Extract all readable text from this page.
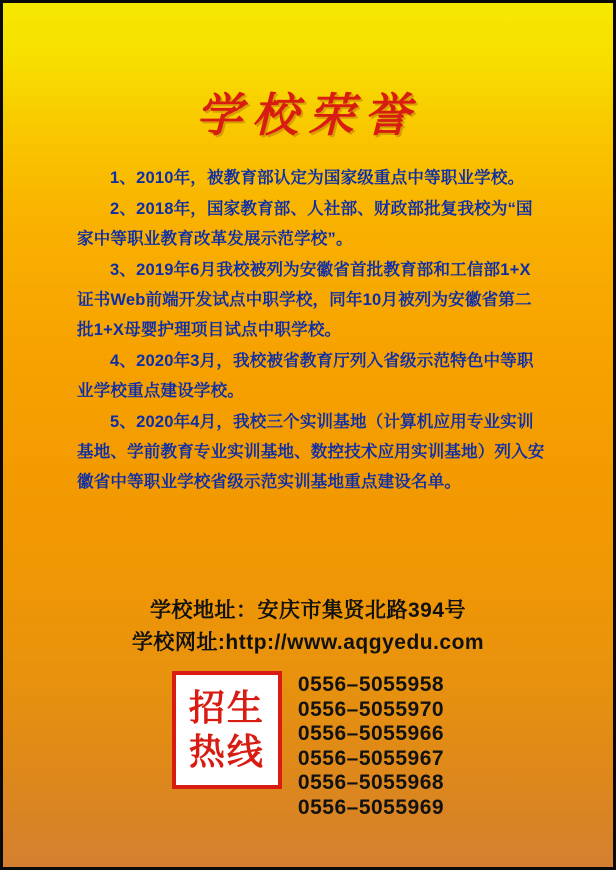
学校荣誉

1、2010年，被教育部认定为国家级重点中等职业学校。

2、2018年，国家教育部、人社部、财政部批复我校为“国家中等职业教育改革发展示范学校”。

3、2019年6月我校被列为安徽省首批教育部和工信部1+X证书Web前端开发试点中职学校，同年10月被列为安徽省第二批1+X母婴护理项目试点中职学校。

4、2020年3月，我校被省教育厅列入省级示范特色中等职业学校重点建设学校。

5、2020年4月，我校三个实训基地（计算机应用专业实训基地、学前教育专业实训基地、数控技术应用实训基地）列入安徽省中等职业学校省级示范实训基地重点建设名单。

学校地址：安庆市集贤北路394号
学校网址:http://www.aqgyedu.com
招生
热线
0556–5055958
0556–5055970
0556–5055966
0556–5055967
0556–5055968
0556–5055969
